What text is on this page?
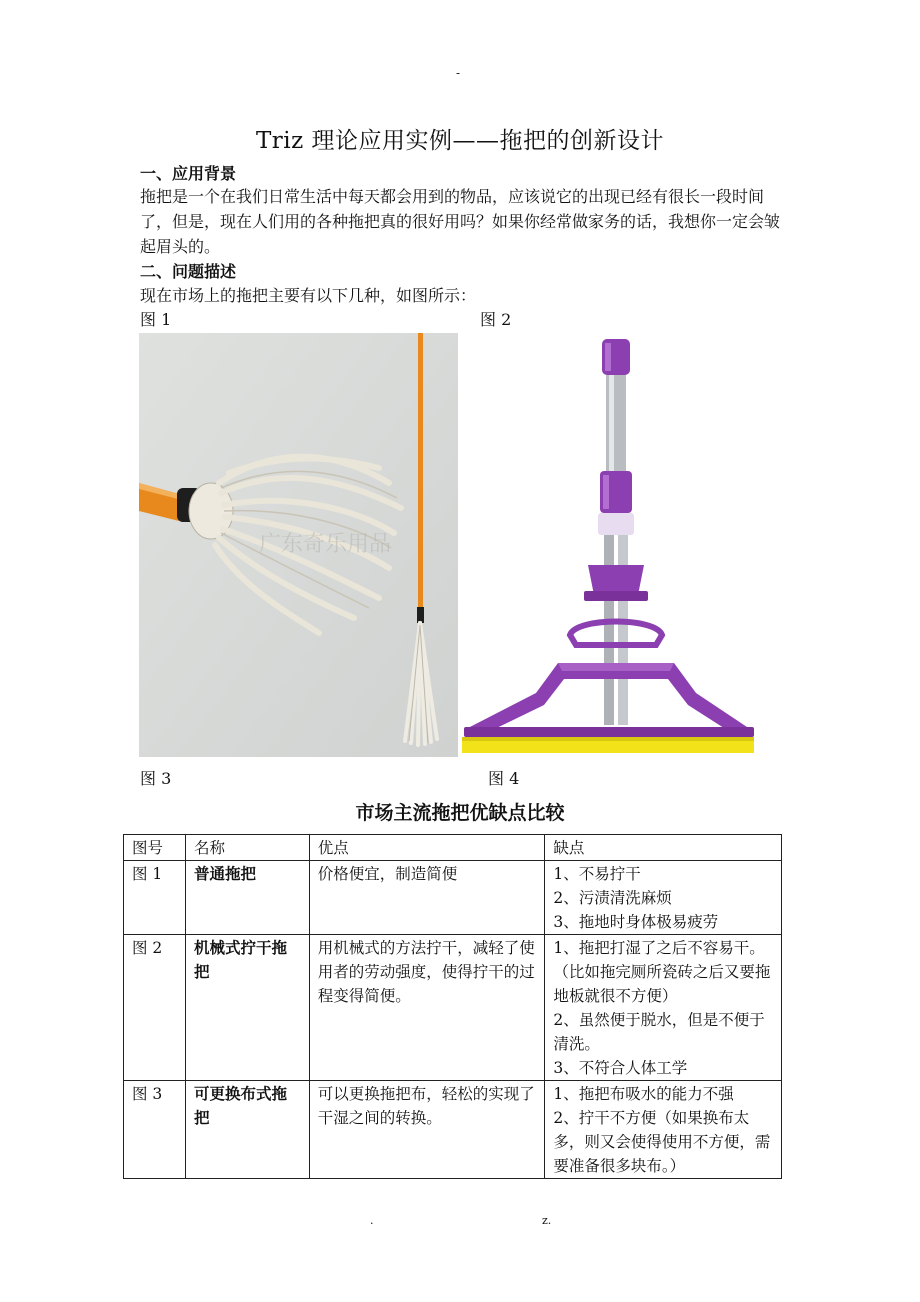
-
Triz 理论应用实例——拖把的创新设计
一、应用背景
拖把是一个在我们日常生活中每天都会用到的物品，应该说它的出现已经有很长一段时间了，但是，现在人们用的各种拖把真的很好用吗？如果你经常做家务的话，我想你一定会皱起眉头的。
二、问题描述
现在市场上的拖把主要有以下几种，如图所示：
图 1	图 2
广东奇乐用品
图 3	图 4
市场主流拖把优缺点比较
图号	名称	优点	缺点
图 1	普通拖把	价格便宜，制造简便	1、不易拧干
2、污渍清洗麻烦
3、拖地时身体极易疲劳

图 2	机械式拧干拖把	用机械式的方法拧干，减轻了使用者的劳动强度，使得拧干的过程变得简便。	1、拖把打湿了之后不容易干。（比如拖完厕所瓷砖之后又要拖地板就很不方便）
2、虽然便于脱水，但是不便于清洗。
3、不符合人体工学

图 3	可更换布式拖把	可以更换拖把布，轻松的实现了干湿之间的转换。	1、拖把布吸水的能力不强
2、拧干不方便（如果换布太多，则又会使得使用不方便，需要准备很多块布。）
.	z.
